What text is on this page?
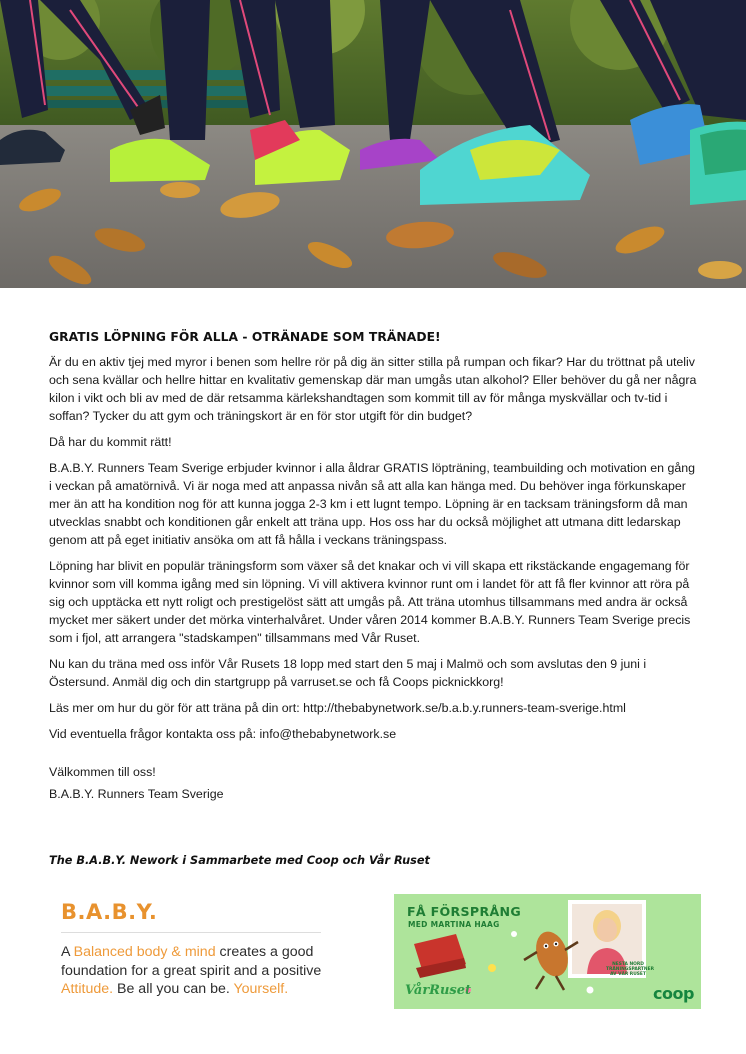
GRATIS LÖPNING FÖR ALLA - OTRÄNADE SOM TRÄNADE!

Är du en aktiv tjej med myror i benen som hellre rör på dig än sitter stilla på rumpan och fikar? Har du tröttnat på uteliv och sena kvällar och hellre hittar en kvalitativ gemenskap där man umgås utan alkohol? Eller behöver du gå ner några kilon i vikt och bli av med de där retsamma kärlekshandtagen som kommit till av för många myskvällar och tv-tid i soffan? Tycker du att gym och träningskort är en för stor utgift för din budget?

Då har du kommit rätt!

B.A.B.Y. Runners Team Sverige erbjuder kvinnor i alla åldrar GRATIS löpträning, teambuilding och motivation en gång i veckan på amatörnivå. Vi är noga med att anpassa nivån så att alla kan hänga med. Du behöver inga förkunskaper mer än att ha kondition nog för att kunna jogga 2-3 km i ett lugnt tempo. Löpning är en tacksam träningsform då man utvecklas snabbt och konditionen går enkelt att träna upp. Hos oss har du också möjlighet att utmana ditt ledarskap genom att på eget initiativ ansöka om att få hålla i veckans träningspass.

Löpning har blivit en populär träningsform som växer så det knakar och vi vill skapa ett rikstäckande engagemang för kvinnor som vill komma igång med sin löpning. Vi vill aktivera kvinnor runt om i landet för att få fler kvinnor att röra på sig och upptäcka ett nytt roligt och prestigelöst sätt att umgås på. Att träna utomhus tillsammans med andra är också mycket mer säkert under det mörka vinterhalvåret. Under våren 2014 kommer B.A.B.Y. Runners Team Sverige precis som i fjol, att arrangera "stadskampen" tillsammans med Vår Ruset.

Nu kan du träna med oss inför Vår Rusets 18 lopp med start den 5 maj i Malmö och som avslutas den 9 juni i Östersund. Anmäl dig och din startgrupp på varruset.se och få Coops picknickkorg!

Läs mer om hur du gör för att träna på din ort: http://thebabynetwork.se/b.a.b.y.runners-team-sverige.html

Vid eventuella frågor kontakta oss på: info@thebabynetwork.se

Välkommen till oss!

B.A.B.Y. Runners Team Sverige

The B.A.B.Y. Nework i Sammarbete med Coop och Vår Ruset
B.A.B.Y.
A Balanced body & mind creates a good foundation for a great spirit and a positive Attitude. Be all you can be. Yourself.
FÅ FÖRSPRÅNG
MED MARTINA HAAG
NESTA NORD TRÄNINGSPARTNER AV VÅR RUSET
VårRuset	coop
